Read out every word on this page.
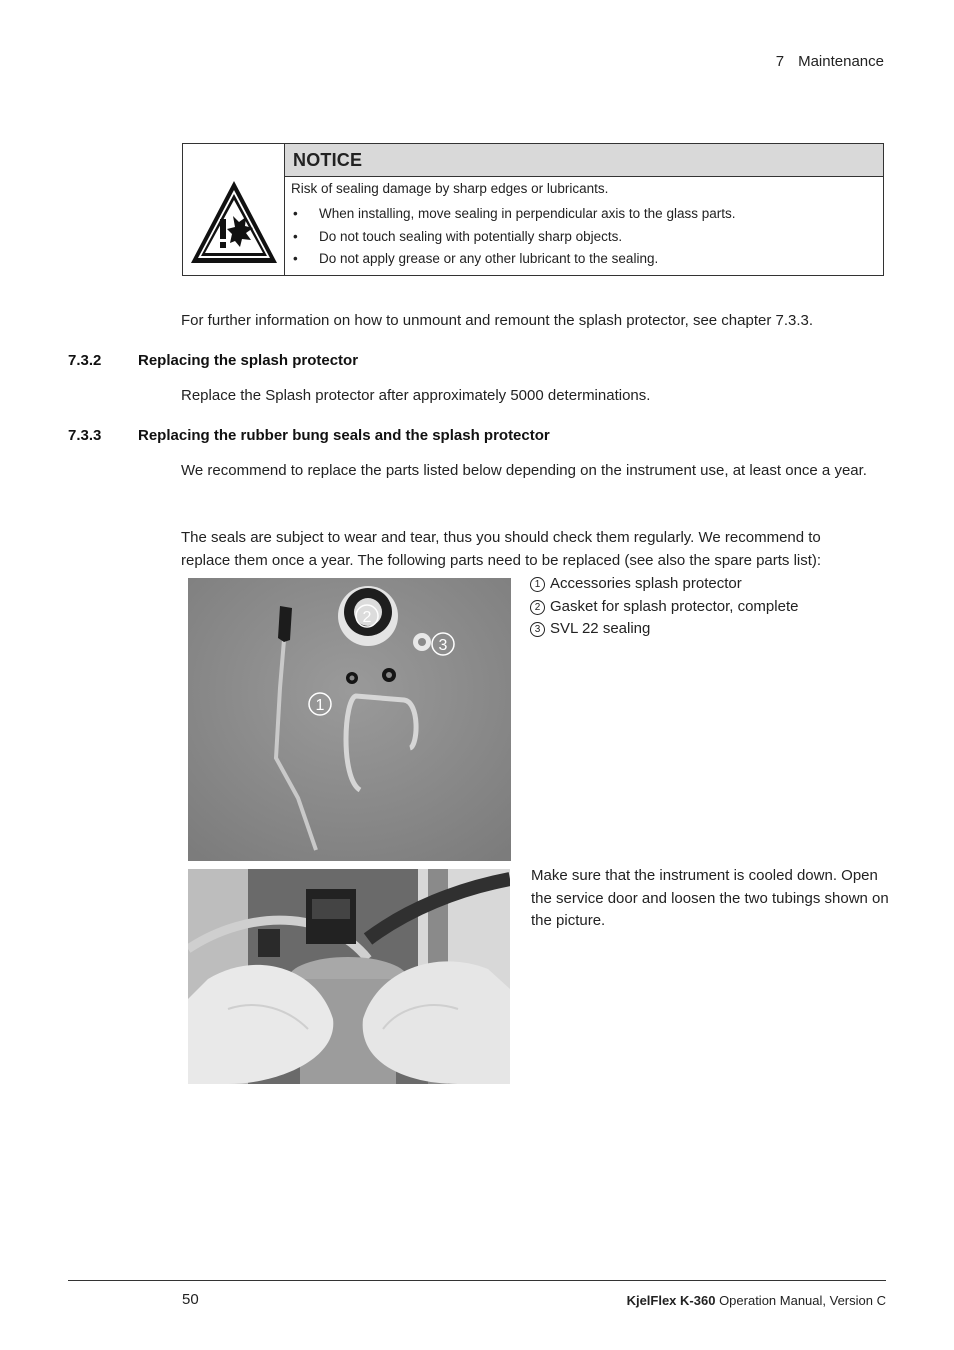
7 Maintenance
NOTICE

Risk of sealing damage by sharp edges or lubricants.

• When installing, move sealing in perpendicular axis to the glass parts.
• Do not touch sealing with potentially sharp objects.
• Do not apply grease or any other lubricant to the sealing.
For further information on how to unmount and remount the splash protector, see chapter 7.3.3.
7.3.2 Replacing the splash protector
Replace the Splash protector after approximately 5000 determinations.
7.3.3 Replacing the rubber bung seals and the splash protector
We recommend to replace the parts listed below depending on the instrument use, at least once a year.
The seals are subject to wear and tear, thus you should check them regularly. We recommend to replace them once a year. The following parts need to be replaced (see also the spare parts list):
1
2
3
1 Accessories splash protector
2 Gasket for splash protector, complete
3 SVL 22 sealing
Make sure that the instrument is cooled down. Open the service door and loosen the two tubings shown on the picture.
50	KjelFlex K-360 Operation Manual, Version C
